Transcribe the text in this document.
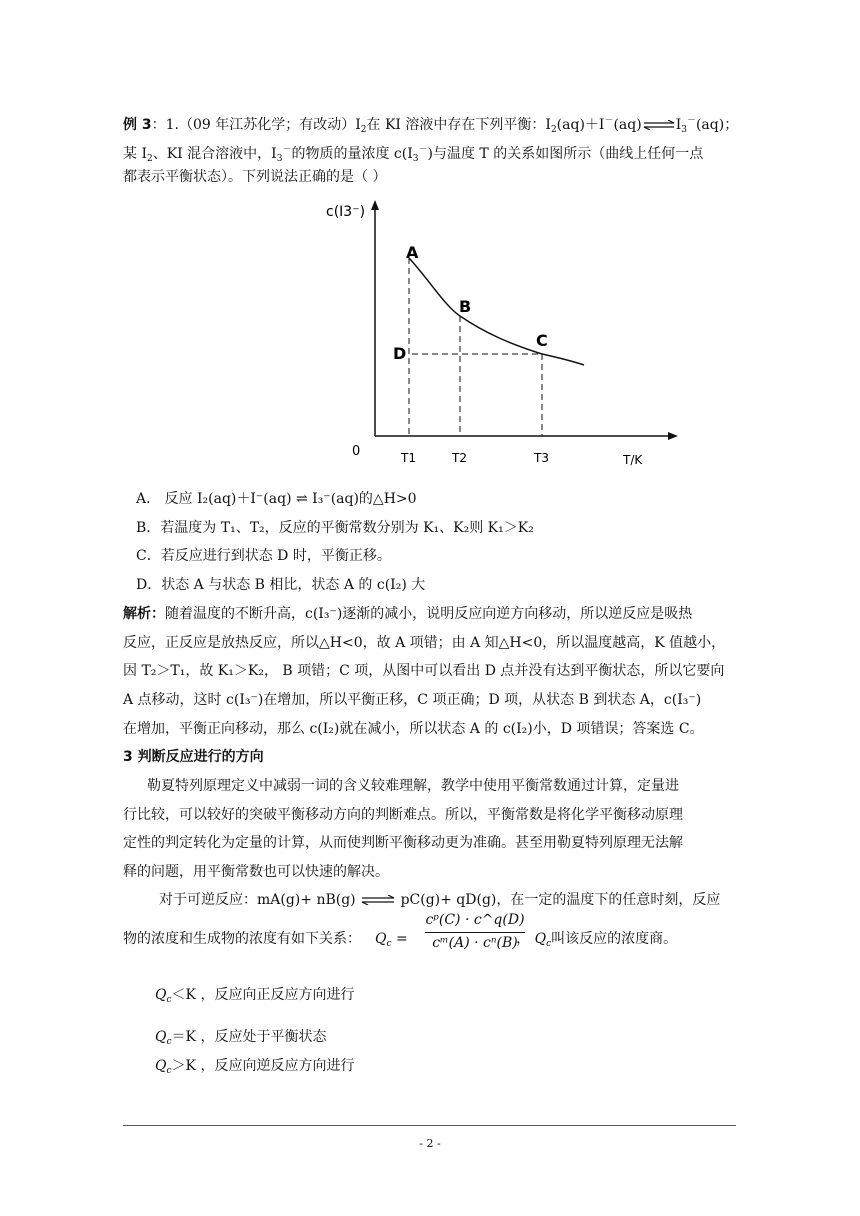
例 3：1.（09 年江苏化学；有改动）$I_2$在 KI 溶液中存在下列平衡：$I_2(aq)+I^-(aq)\rightleftharpoons I_3^-(aq)$；
某 $I_2$、KI 混合溶液中，$I_3^-$的物质的量浓度 $c(I_3^-)$与温度 T 的关系如图所示（曲线上任何一点
都表示平衡状态）。下列说法正确的是（ ）
c(I3⁻)
A
B
C
D
0	T1	T2	T3	T/K
A． 反应 I₂(aq)＋I⁻(aq) ⇌ I₃⁻(aq)的△H>0
B．若温度为 T₁、T₂，反应的平衡常数分别为 K₁、K₂则 K₁＞K₂
C．若反应进行到状态 D 时，平衡正移。
D．状态 A 与状态 B 相比，状态 A 的 c(I₂) 大
解析：随着温度的不断升高，c(I₃⁻)逐渐的减小，说明反应向逆方向移动，所以逆反应是吸热
反应，正反应是放热反应，所以△H<0，故 A 项错；由 A 知△H<0，所以温度越高，K 值越小，
因 T₂＞T₁，故 K₁＞K₂， B 项错；C 项，从图中可以看出 D 点并没有达到平衡状态，所以它要向
A 点移动，这时 c(I₃⁻)在增加，所以平衡正移，C 项正确；D 项，从状态 B 到状态 A，c(I₃⁻)
在增加，平衡正向移动，那么 c(I₂)就在减小，所以状态 A 的 c(I₂)小，D 项错误；答案选 C。
3 判断反应进行的方向
勒夏特列原理定义中减弱一词的含义较难理解，教学中使用平衡常数通过计算，定量进
行比较，可以较好的突破平衡移动方向的判断难点。所以，平衡常数是将化学平衡移动原理
定性的判定转化为定量的计算，从而使判断平衡移动更为准确。甚至用勒夏特列原理无法解
释的问题，用平衡常数也可以快速的解决。
对于可逆反应：mA(g)+ nB(g) ⇌ pC(g)+ qD(g)，在一定的温度下的任意时刻，反应
物的浓度和生成物的浓度有如下关系： $Q_c$ =	， $Q_c$叫该反应的浓度商。
cᵖ(C) · c^q(D)
cᵐ(A) · cⁿ(B)
$Q_c<K$ ，反应向正反应方向进行
$Q_c=K$ ，反应处于平衡状态
$Q_c>K$ ，反应向逆反应方向进行
- 2 -
